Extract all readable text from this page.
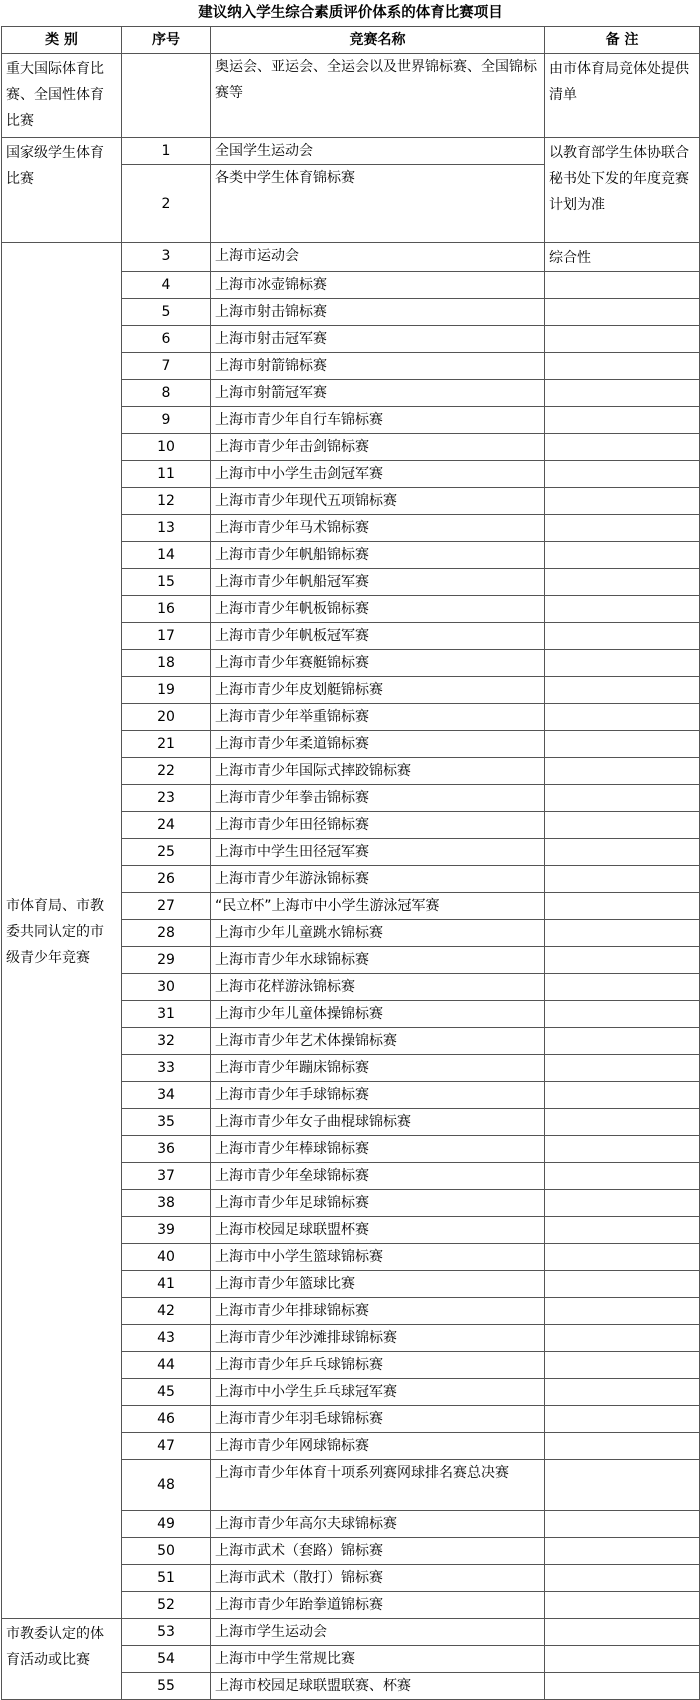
建议纳入学生综合素质评价体系的体育比赛项目			
类 别	序号	竞赛名称	备 注
重大国际体育比赛、全国性体育比赛		奥运会、亚运会、全运会以及世界锦标赛、全国锦标赛等	由市体育局竞体处提供清单
国家级学生体育比赛	1	全国学生运动会	以教育部学生体协联合秘书处下发的年度竞赛计划为准
	2	各类中学生体育锦标赛	
市体育局、市教委共同认定的市级青少年竞赛	3	上海市运动会	综合性
	4	上海市冰壶锦标赛	
	5	上海市射击锦标赛	
	6	上海市射击冠军赛	
	7	上海市射箭锦标赛	
	8	上海市射箭冠军赛	
	9	上海市青少年自行车锦标赛	
	10	上海市青少年击剑锦标赛	
	11	上海市中小学生击剑冠军赛	
	12	上海市青少年现代五项锦标赛	
	13	上海市青少年马术锦标赛	
	14	上海市青少年帆船锦标赛	
	15	上海市青少年帆船冠军赛	
	16	上海市青少年帆板锦标赛	
	17	上海市青少年帆板冠军赛	
	18	上海市青少年赛艇锦标赛	
	19	上海市青少年皮划艇锦标赛	
	20	上海市青少年举重锦标赛	
	21	上海市青少年柔道锦标赛	
	22	上海市青少年国际式摔跤锦标赛	
	23	上海市青少年拳击锦标赛	
	24	上海市青少年田径锦标赛	
	25	上海市中学生田径冠军赛	
	26	上海市青少年游泳锦标赛	
	27	“民立杯”上海市中小学生游泳冠军赛	
	28	上海市少年儿童跳水锦标赛	
	29	上海市青少年水球锦标赛	
	30	上海市花样游泳锦标赛	
	31	上海市少年儿童体操锦标赛	
	32	上海市青少年艺术体操锦标赛	
	33	上海市青少年蹦床锦标赛	
	34	上海市青少年手球锦标赛	
	35	上海市青少年女子曲棍球锦标赛	
	36	上海市青少年棒球锦标赛	
	37	上海市青少年垒球锦标赛	
	38	上海市青少年足球锦标赛	
	39	上海市校园足球联盟杯赛	
	40	上海市中小学生篮球锦标赛	
	41	上海市青少年篮球比赛	
	42	上海市青少年排球锦标赛	
	43	上海市青少年沙滩排球锦标赛	
	44	上海市青少年乒乓球锦标赛	
	45	上海市中小学生乒乓球冠军赛	
	46	上海市青少年羽毛球锦标赛	
	47	上海市青少年网球锦标赛	
	48	上海市青少年体育十项系列赛网球排名赛总决赛	
	49	上海市青少年高尔夫球锦标赛	
	50	上海市武术（套路）锦标赛	
	51	上海市武术（散打）锦标赛	
	52	上海市青少年跆拳道锦标赛	
市教委认定的体育活动或比赛	53	上海市学生运动会	
	54	上海市中学生常规比赛	
	55	上海市校园足球联盟联赛、杯赛	
